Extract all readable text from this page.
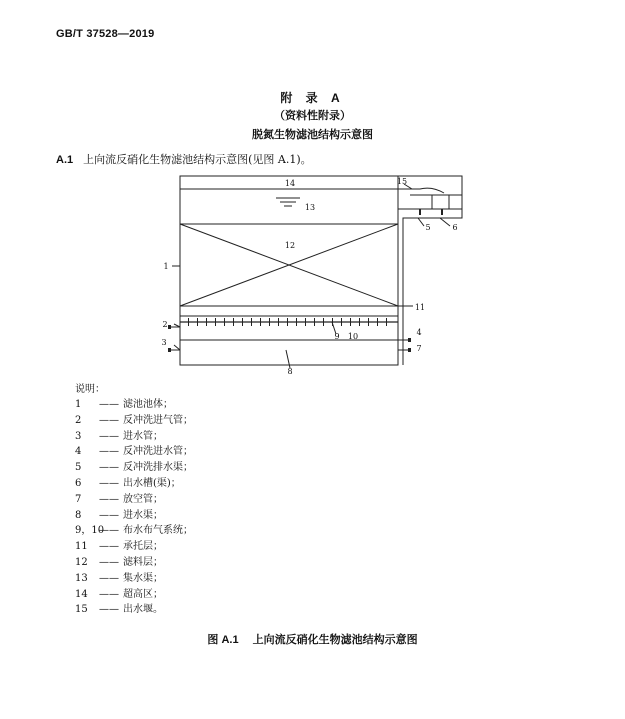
GB/T 37528—2019
附 录 A
（资料性附录）
脱氮生物滤池结构示意图
A.1 上向流反硝化生物滤池结构示意图(见图 A.1)。
1
2
3
4
5	6
7
8
9 10
11
12
13
14	15
说明：
1 —— 滤池池体；
2 —— 反冲洗进气管；
3 —— 进水管；
4 —— 反冲洗进水管；
5 —— 反冲洗排水渠；
6 —— 出水槽(渠)；
7 —— 放空管；
8 —— 进水渠；
9，10—— 布水布气系统；
11 —— 承托层；
12 —— 滤料层；
13 —— 集水渠；
14 —— 超高区；
15 —— 出水堰。
图 A.1 上向流反硝化生物滤池结构示意图
